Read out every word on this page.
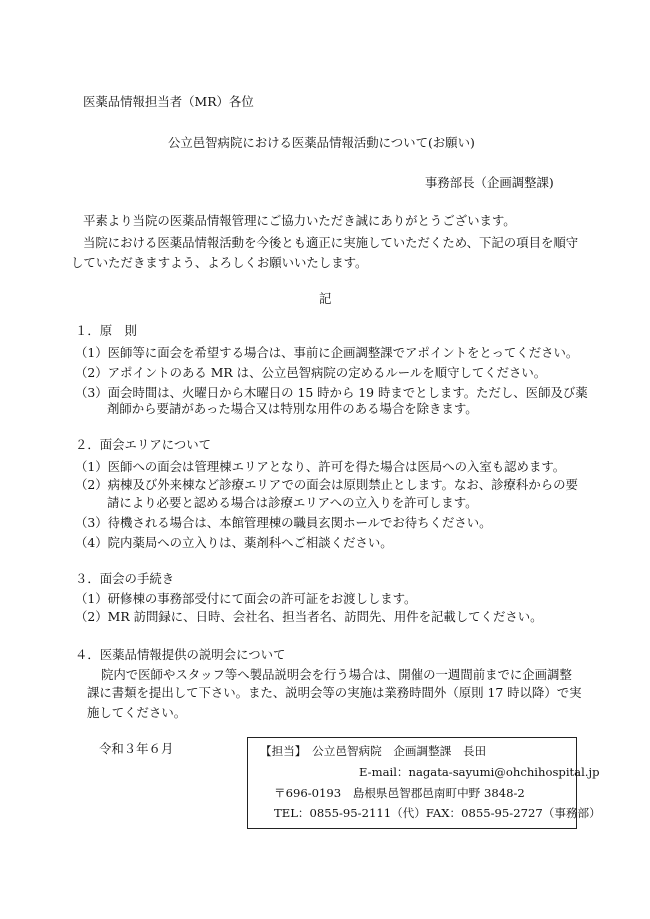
医薬品情報担当者（MR）各位
公立邑智病院における医薬品情報活動について(お願い)
事務部長（企画調整課)
平素より当院の医薬品情報管理にご協力いただき誠にありがとうございます。
当院における医薬品情報活動を今後とも適正に実施していただくため、下記の項目を順守
していただきますよう、よろしくお願いいたします。
記
１．原　則
（1）医師等に面会を希望する場合は、事前に企画調整課でアポイントをとってください。
（2）アポイントのある MR は、公立邑智病院の定めるルールを順守してください。
（3）面会時間は、火曜日から木曜日の 15 時から 19 時までとします。ただし、医師及び薬
剤師から要請があった場合又は特別な用件のある場合を除きます。
２．面会エリアについて
（1）医師への面会は管理棟エリアとなり、許可を得た場合は医局への入室も認めます。
（2）病棟及び外来棟など診療エリアでの面会は原則禁止とします。なお、診療科からの要
請により必要と認める場合は診療エリアへの立入りを許可します。
（3）待機される場合は、本館管理棟の職員玄関ホールでお待ちください。
（4）院内薬局への立入りは、薬剤科へご相談ください。
３．面会の手続き
（1）研修棟の事務部受付にて面会の許可証をお渡しします。
（2）MR 訪問録に、日時、会社名、担当者名、訪問先、用件を記載してください。
４．医薬品情報提供の説明会について
院内で医師やスタッフ等へ製品説明会を行う場合は、開催の一週間前までに企画調整
課に書類を提出して下さい。また、説明会等の実施は業務時間外（原則 17 時以降）で実
施してください。
令和３年６月	【担当】　公立邑智病院　企画調整課　長田
E-mail：nagata-sayumi@ohchihospital.jp
〒696-0193　島根県邑智郡邑南町中野 3848-2
TEL：0855-95-2111（代）FAX：0855-95-2727（事務部）
